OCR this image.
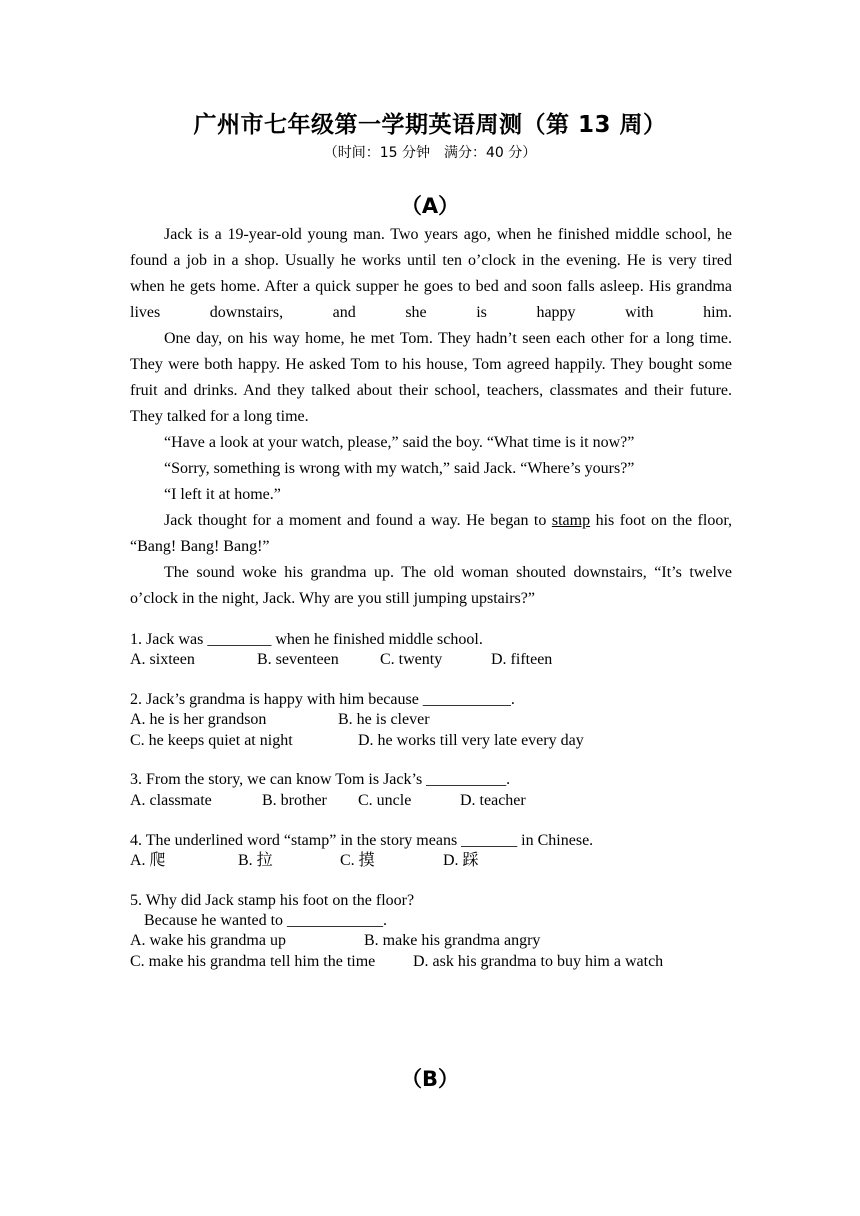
广州市七年级第一学期英语周测（第 13 周）
（时间：15 分钟　满分：40 分）
（A）

Jack is a 19-year-old young man. Two years ago, when he finished middle school, he found a job in a shop. Usually he works until ten o’clock in the evening. He is very tired when he gets home. After a quick supper he goes to bed and soon falls asleep. His grandma lives downstairs, and she is happy with him.

One day, on his way home, he met Tom. They hadn’t seen each other for a long time. They were both happy. He asked Tom to his house, Tom agreed happily. They bought some fruit and drinks. And they talked about their school, teachers, classmates and their future. They talked for a long time.

“Have a look at your watch, please,” said the boy. “What time is it now?”

“Sorry, something is wrong with my watch,” said Jack. “Where’s yours?”

“I left it at home.”

Jack thought for a moment and found a way. He began to stamp his foot on the floor, “Bang! Bang! Bang!”

The sound woke his grandma up. The old woman shouted downstairs, “It’s twelve o’clock in the night, Jack. Why are you still jumping upstairs?”

1. Jack was ________ when he finished middle school.
A. sixteen	B. seventeen	C. twenty	D. fifteen
2. Jack’s grandma is happy with him because ___________.
A. he is her grandson	B. he is clever
C. he keeps quiet at night	D. he works till very late every day
3. From the story, we can know Tom is Jack’s __________.
A. classmate	B. brother C. uncle	D. teacher
4. The underlined word “stamp” in the story means _______ in Chinese.
A. 爬	B. 拉	C. 摸	D. 踩
5. Why did Jack stamp his foot on the floor?
Because he wanted to ____________.
A. wake his grandma up	B. make his grandma angry
C. make his grandma tell him the time D. ask his grandma to buy him a watch
（B）
